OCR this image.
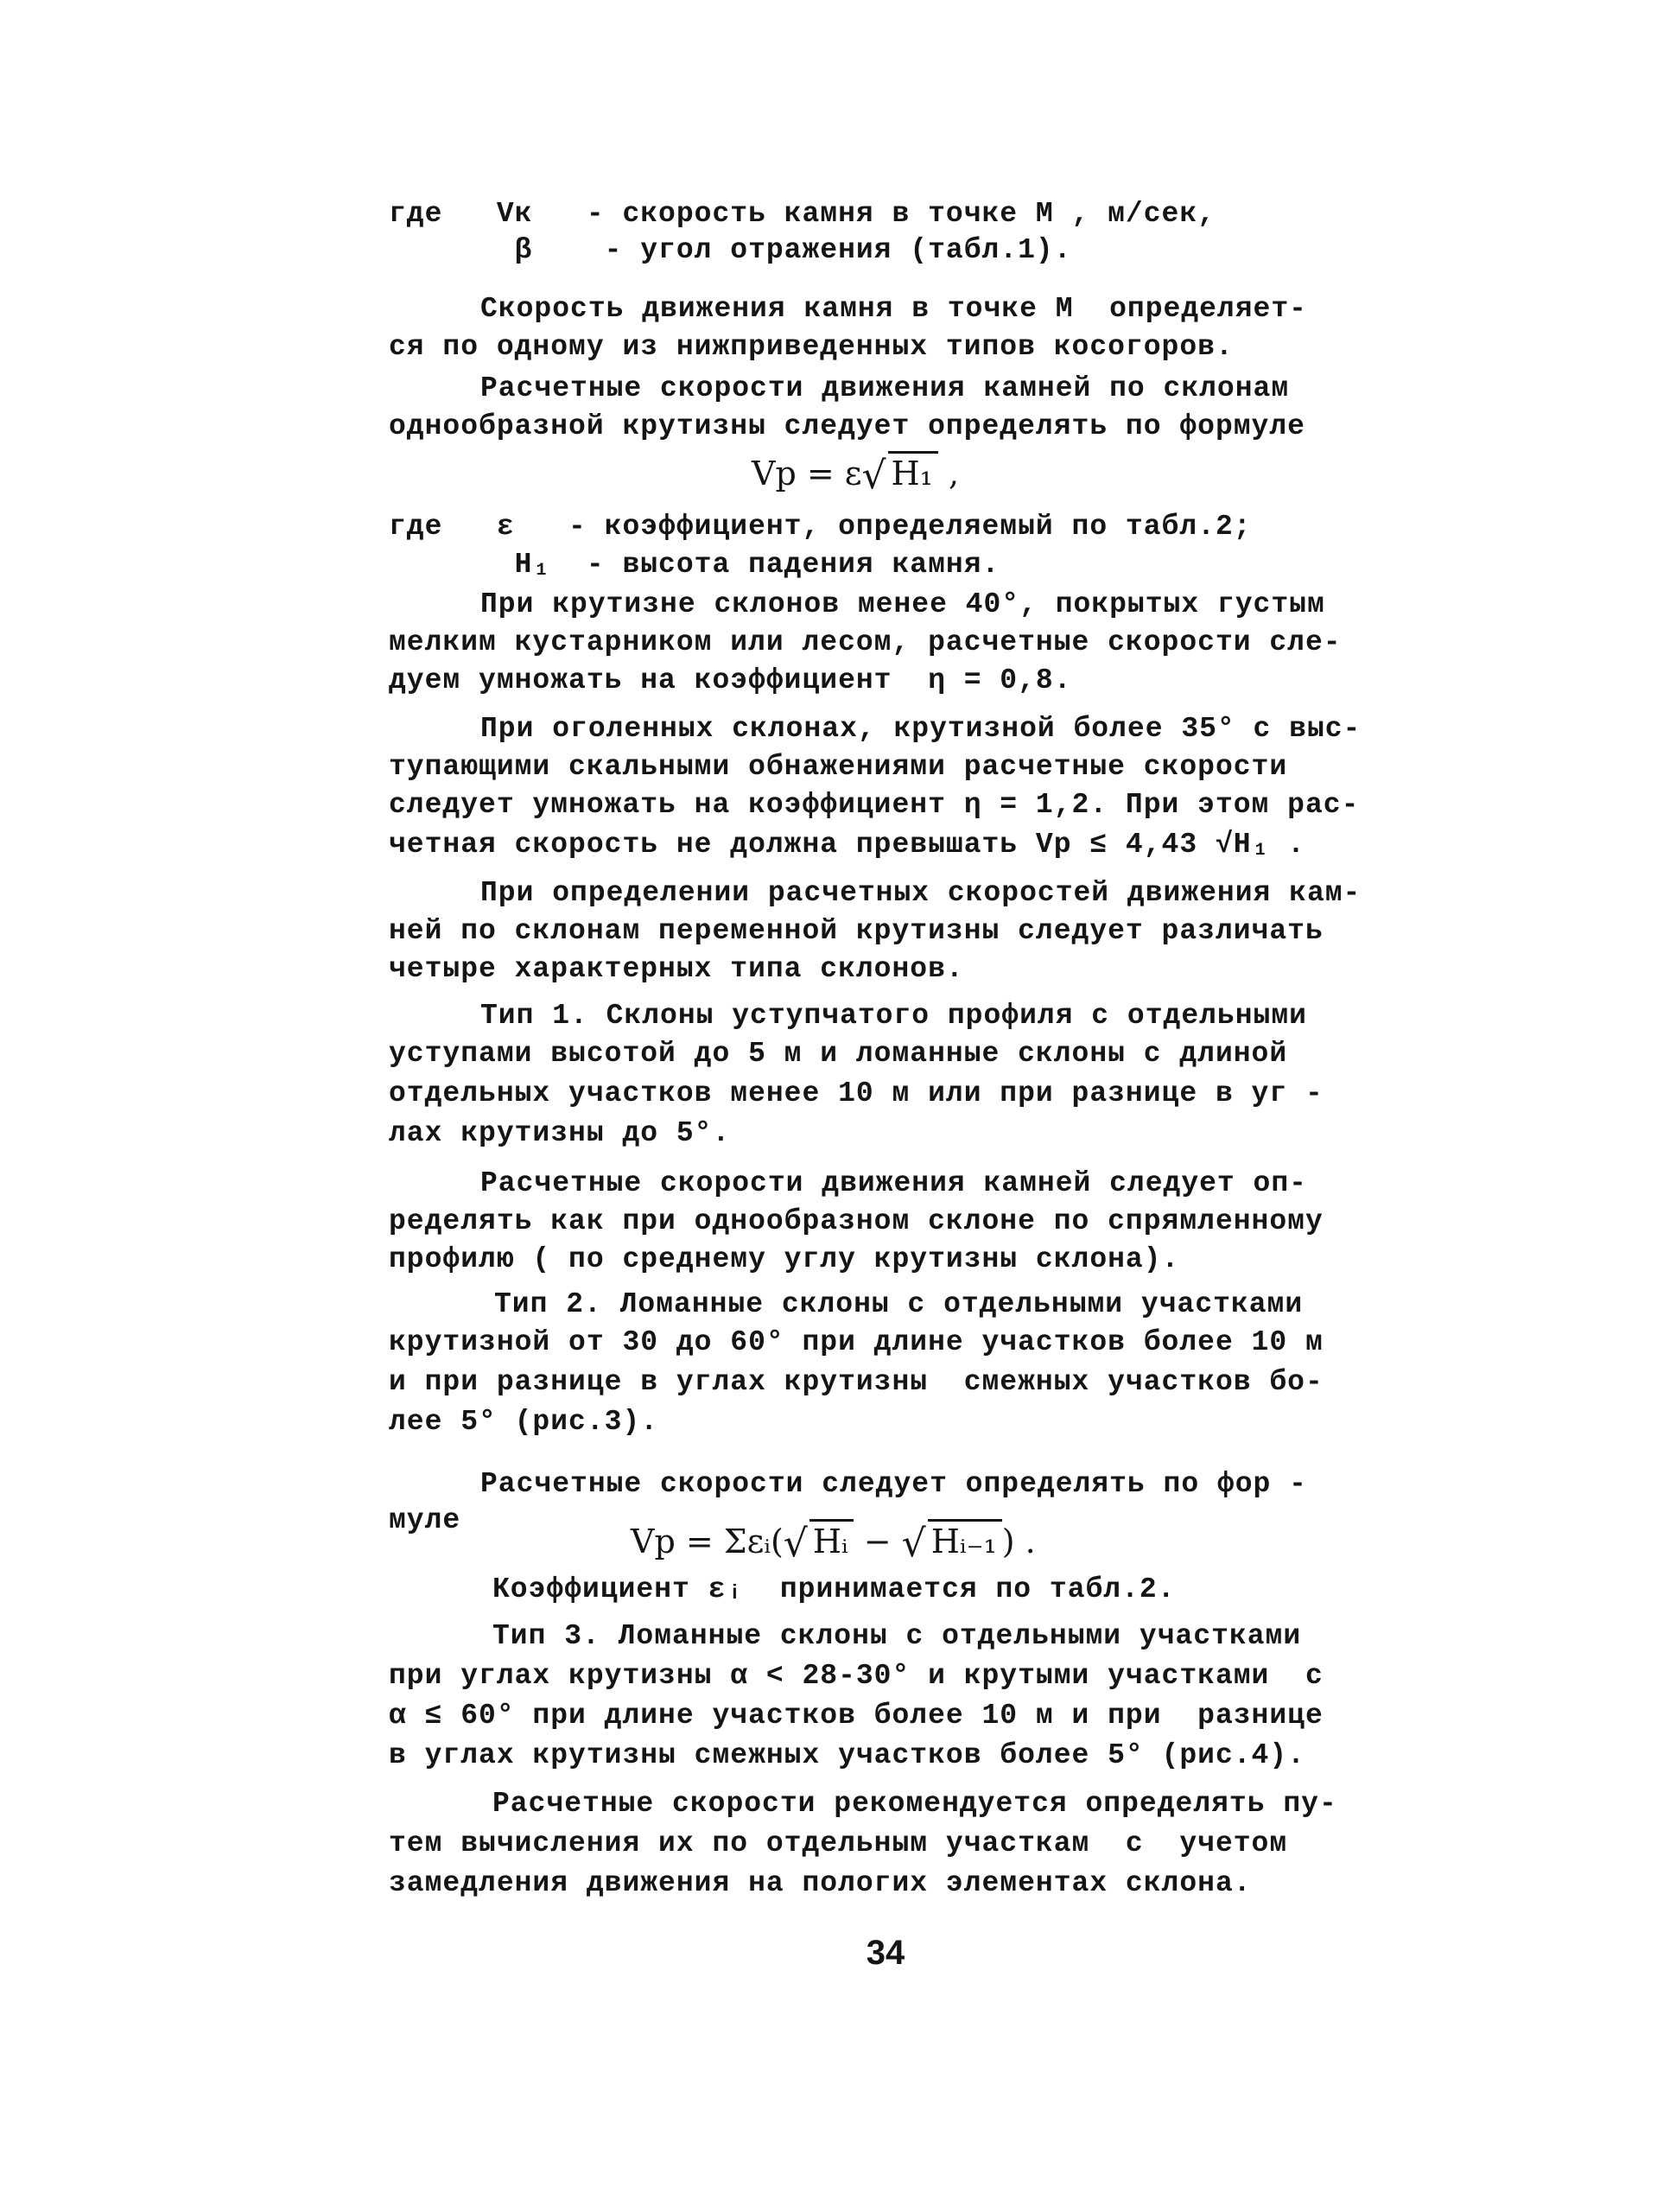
где   Vк   - скорость камня в точке М , м/сек,
β    - угол отражения (табл.1).
Скорость движения камня в точке М  определяет-
ся по одному из нижприведенных типов косогоров.
Расчетные скорости движения камней по склонам
однообразной крутизны следует определять по формуле
Vp = ε√ H₁ ,
где   ε   - коэффициент, определяемый по табл.2;
H₁  - высота падения камня.
При крутизне склонов менее 40°, покрытых густым
мелким кустарником или лесом, расчетные скорости сле-
дуем умножать на коэффициент  η = 0,8.
При оголенных склонах, крутизной более 35° с выс-
тупающими скальными обнажениями расчетные скорости
следует умножать на коэффициент η = 1,2. При этом рас-
четная скорость не должна превышать Vp ≤ 4,43 √H₁ .
При определении расчетных скоростей движения кам-
ней по склонам переменной крутизны следует различать
четыре характерных типа склонов.
Тип 1. Склоны уступчатого профиля с отдельными
уступами высотой до 5 м и ломанные склоны с длиной
отдельных участков менее 10 м или при разнице в уг -
лах крутизны до 5°.
Расчетные скорости движения камней следует оп-
ределять как при однообразном склоне по спрямленному
профилю ( по среднему углу крутизны склона).
Тип 2. Ломанные склоны с отдельными участками
крутизной от 30 до 60° при длине участков более 10 м
и при разнице в углах крутизны  смежных участков бо-
лее 5° (рис.3).
Расчетные скорости следует определять по фор -
муле
Vp = Σεᵢ(√ Hᵢ − √ Hᵢ₋₁ ) .
Коэффициент εᵢ  принимается по табл.2.
Тип 3. Ломанные склоны с отдельными участками
при углах крутизны α < 28-30° и крутыми участками  с
α ≤ 60° при длине участков более 10 м и при  разнице
в углах крутизны смежных участков более 5° (рис.4).
Расчетные скорости рекомендуется определять пу-
тем вычисления их по отдельным участкам  с  учетом
замедления движения на пологих элементах склона.
34
